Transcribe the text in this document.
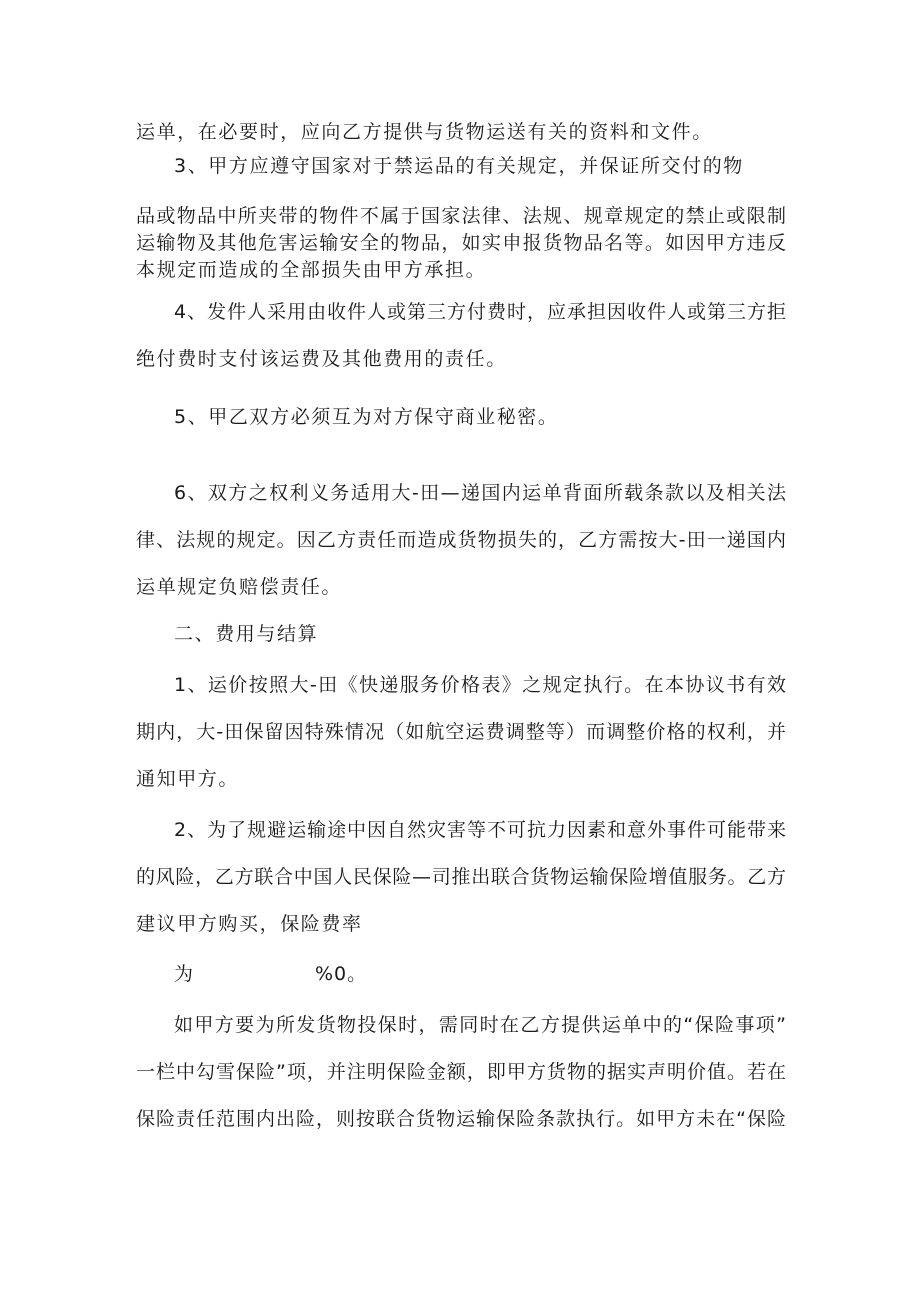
运单，在必要时，应向乙方提供与货物运送有关的资料和文件。
3、甲方应遵守国家对于禁运品的有关规定，并保证所交付的物
品或物品中所夹带的物件不属于国家法律、法规、规章规定的禁止或限制
运输物及其他危害运输安全的物品，如实申报货物品名等。如因甲方违反
本规定而造成的全部损失由甲方承担。
4、发件人采用由收件人或第三方付费时，应承担因收件人或第三方拒
绝付费时支付该运费及其他费用的责任。
5、甲乙双方必须互为对方保守商业秘密。
6、双方之权利义务适用大-田—递国内运单背面所载条款以及相关法
律、法规的规定。因乙方责任而造成货物损失的，乙方需按大-田一递国内
运单规定负赔偿责任。
二、费用与结算
1、运价按照大-田《快递服务价格表》之规定执行。在本协议书有效
期内，大-田保留因特殊情况（如航空运费调整等）而调整价格的权利，并
通知甲方。
2、为了规避运输途中因自然灾害等不可抗力因素和意外事件可能带来
的风险，乙方联合中国人民保险—司推出联合货物运输保险增值服务。乙方
建议甲方购买，保险费率
为	%0。
如甲方要为所发货物投保时，需同时在乙方提供运单中的“保险事项”
一栏中勾雪保险”项，并注明保险金额，即甲方货物的据实声明价值。若在
保险责任范围内出险，则按联合货物运输保险条款执行。如甲方未在“保险
